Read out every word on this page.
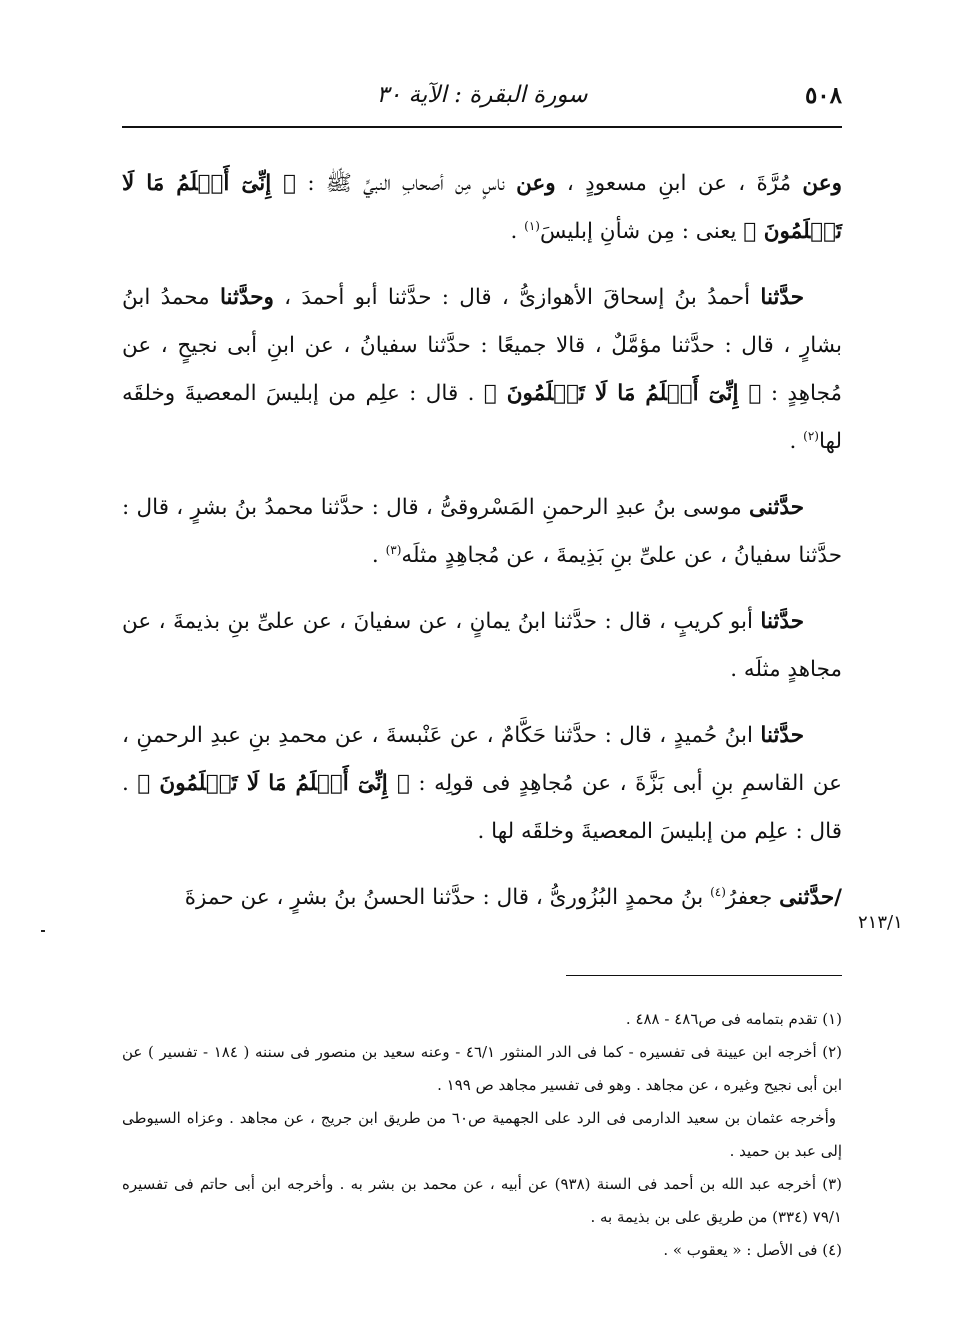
٥٠٨
سورة البقرة : الآية ٣٠

وعن مُرَّةَ ، عن ابنِ مسعودٍ ، وعن ناسٍ مِن أصحابِ النبيِّ ﷺ : ﴿ إِنِّىٓ أَعۡلَمُ مَا لَا تَعۡلَمُونَ ﴾ يعنى : مِن شأنِ إبليسَ$^{(١)}$ .

حدَّثنا أحمدُ بنُ إسحاقَ الأهوازىُّ ، قال : حدَّثنا أبو أحمدَ ، وحدَّثنا محمدُ ابنُ بشارٍ ، قال : حدَّثنا مؤمَّلٌ ، قالا جميعًا : حدَّثنا سفيانُ ، عن ابنِ أبى نجيحٍ ، عن مُجاهِدٍ : ﴿ إِنِّىٓ أَعۡلَمُ مَا لَا تَعۡلَمُونَ ﴾ . قال : علِم من إبليسَ المعصيةَ وخلقَه لها$^{(٢)}$ .

حدَّثنى موسى بنُ عبدِ الرحمنِ المَسْروقىُّ ، قال : حدَّثنا محمدُ بنُ بشرٍ ، قال : حدَّثنا سفيانُ ، عن علىِّ بنِ بَذِيمةَ ، عن مُجاهِدٍ مثلَه$^{(٣)}$ .

حدَّثنا أبو كريبٍ ، قال : حدَّثنا ابنُ يمانٍ ، عن سفيانَ ، عن علىِّ بنِ بذيمةَ ، عن مجاهدٍ مثلَه .

حدَّثنا ابنُ حُميدٍ ، قال : حدَّثنا حَكَّامٌ ، عن عَنْبسةَ ، عن محمدِ بنِ عبدِ الرحمنِ ، عن القاسمِ بنِ أبى بَزَّةَ ، عن مُجاهِدٍ فى قولِه : ﴿ إِنِّىٓ أَعۡلَمُ مَا لَا تَعۡلَمُونَ ﴾ . قال : علِم من إبليسَ المعصيةَ وخلقَه لها .

/حدَّثنى جعفرُ$^{(٤)}$ بنُ محمدٍ البُزُورىُّ ، قال : حدَّثنا الحسنُ بنُ بشرٍ ، عن حمزةَ

٢١٣/١

(١) تقدم بتمامه فى ص٤٨٦ - ٤٨٨ .

(٢) أخرجه ابن عيينة فى تفسيره - كما فى الدر المنثور ٤٦/١ - وعنه سعيد بن منصور فى سننه ( ١٨٤ - تفسير ) عن ابن أبى نجيح وغيره ، عن مجاهد . وهو فى تفسير مجاهد ص ١٩٩ .

وأخرجه عثمان بن سعيد الدارمى فى الرد على الجهمية ص٦٠ من طريق ابن جريج ، عن مجاهد . وعزاه السيوطى إلى عبد بن حميد .

(٣) أخرجه عبد الله بن أحمد فى السنة (٩٣٨) عن أبيه ، عن محمد بن بشر به . وأخرجه ابن أبى حاتم فى تفسيره ٧٩/١ (٣٣٤) من طريق على بن بذيمة به .

(٤) فى الأصل : « يعقوب » .
